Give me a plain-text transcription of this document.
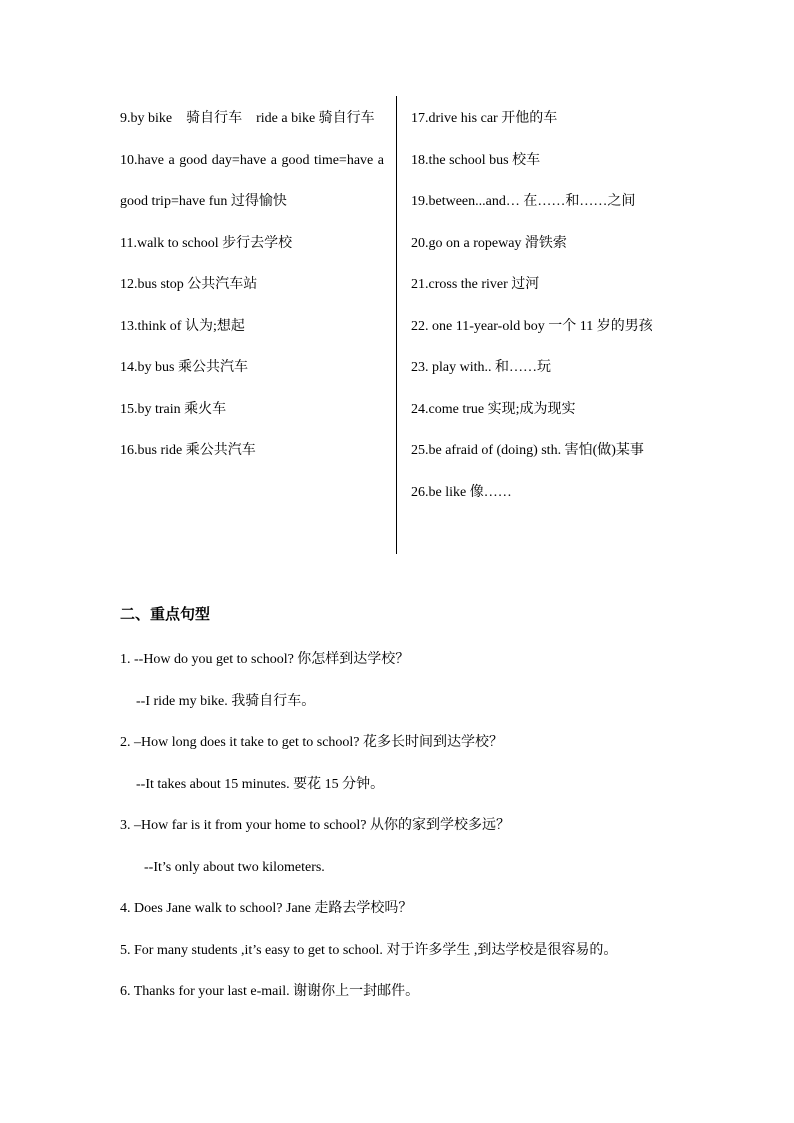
9.by bike　骑自行车　ride a bike 骑自行车

10.have a good day=have a good time=have a good trip=have fun 过得愉快

11.walk to school 步行去学校

12.bus stop 公共汽车站

13.think of 认为;想起

14.by bus 乘公共汽车

15.by train 乘火车

16.bus ride 乘公共汽车

17.drive his car 开他的车

18.the school bus 校车

19.between...and… 在……和……之间

20.go on a ropeway 滑铁索

21.cross the river 过河

22. one 11-year-old boy 一个 11 岁的男孩

23. play with.. 和……玩

24.come true 实现;成为现实

25.be afraid of (doing) sth. 害怕(做)某事

26.be like 像……

二、重点句型

1. --How do you get to school? 你怎样到达学校？

--I ride my bike. 我骑自行车。

2. –How long does it take to get to school? 花多长时间到达学校？

--It takes about 15 minutes. 要花 15 分钟。

3. –How far is it from your home to school? 从你的家到学校多远？

--It’s only about two kilometers.

4. Does Jane walk to school? Jane 走路去学校吗？

5. For many students ,it’s easy to get to school. 对于许多学生 ,到达学校是很容易的。

6. Thanks for your last e-mail. 谢谢你上一封邮件。
